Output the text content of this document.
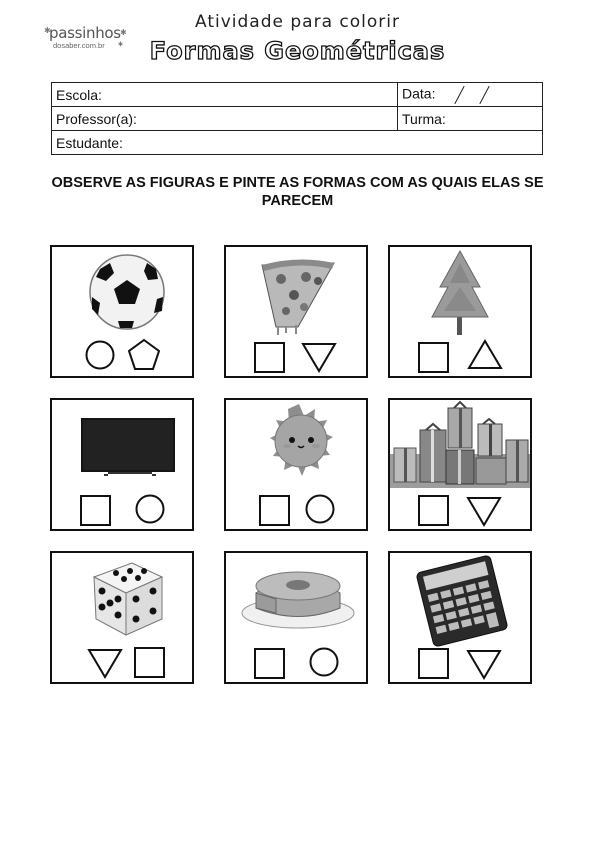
✱
passinhos ✱
dosaber.com.br ✱
Atividade para colorir
Formas Geométricas
Escola:	Data:
Professor(a):	Turma:
Estudante:	
OBSERVE AS FIGURAS E PINTE AS FORMAS COM AS QUAIS ELAS SE PARECEM
